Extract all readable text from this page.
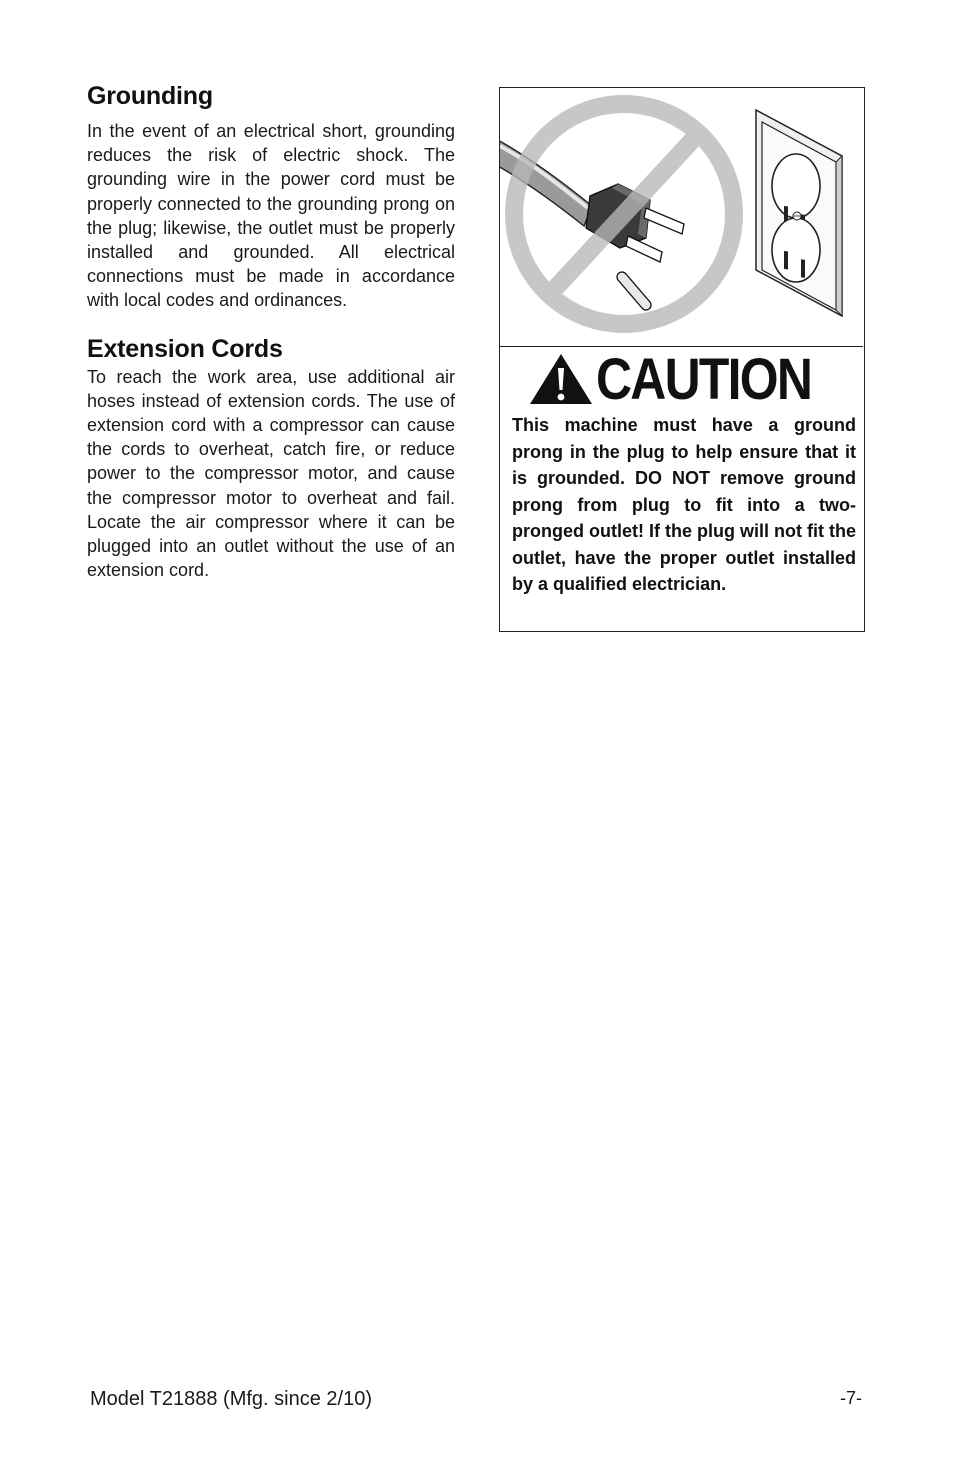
Grounding

In the event of an electrical short, grounding reduces the risk of electric shock. The grounding wire in the power cord must be properly connected to the grounding prong on the plug; likewise, the outlet must be properly installed and grounded. All electrical connections must be made in accordance with local codes and ordinances.

Extension Cords

To reach the work area, use additional air hoses instead of extension cords. The use of extension cord with a compressor can cause the cords to overheat, catch fire, or reduce power to the compressor motor, and cause the compressor motor to overheat and fail. Locate the air compressor where it can be plugged into an outlet without the use of an extension cord.

CAUTION

This machine must have a ground prong in the plug to help ensure that it is grounded. DO NOT remove ground prong from plug to fit into a two-pronged outlet! If the plug will not fit the outlet, have the proper outlet installed by a qualified electrician.

Model T21888 (Mfg. since 2/10)	-7-
